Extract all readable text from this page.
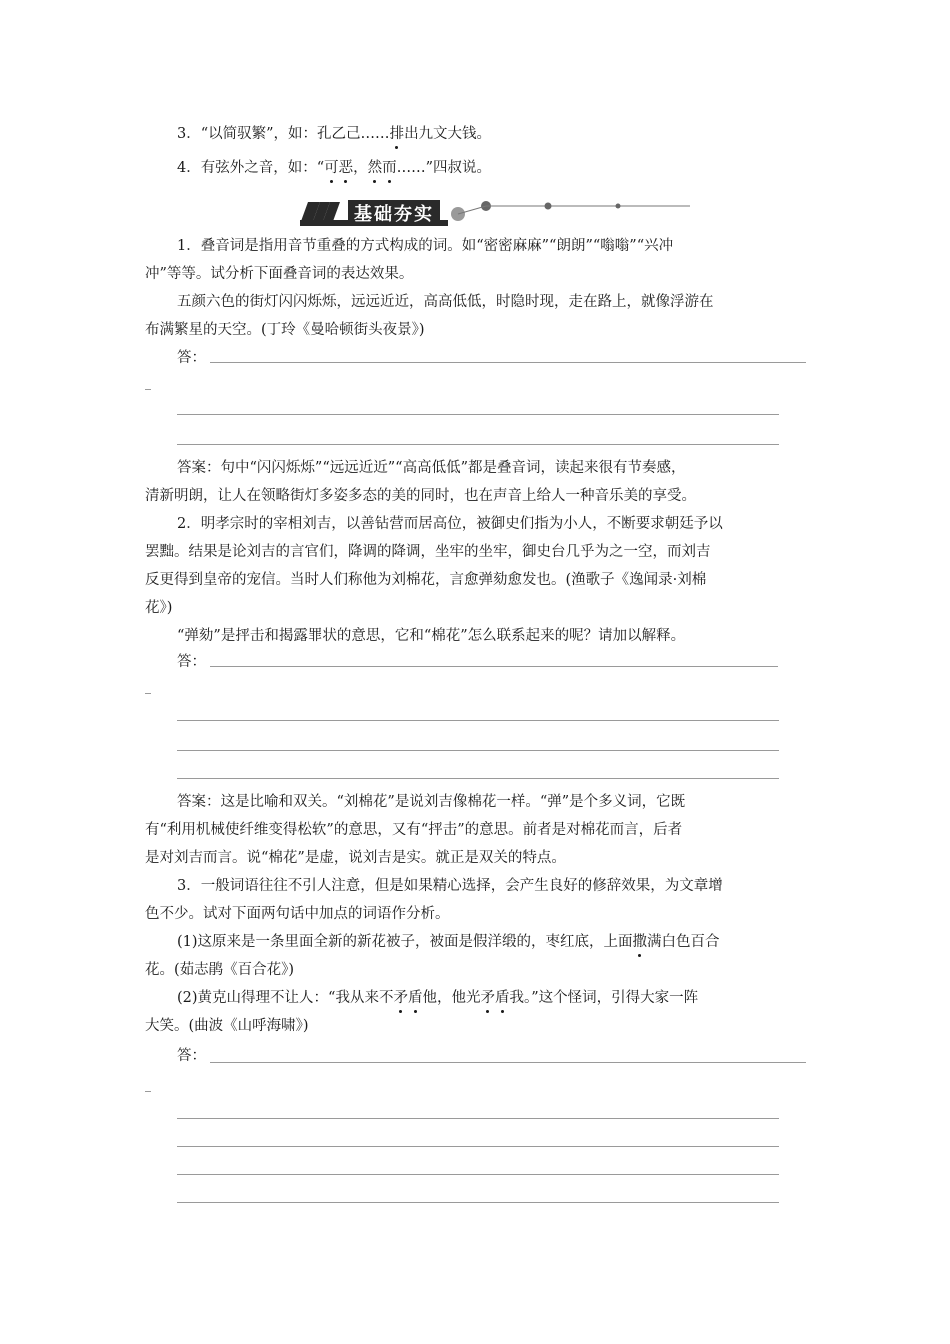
3．“以简驭繁”，如：孔乙己……排出九文大钱。
4．有弦外之音，如：“可恶，然而……”四叔说。
基础夯实
1．叠音词是指用音节重叠的方式构成的词。如“密密麻麻”“朗朗”“嗡嗡”“兴冲
冲”等等。试分析下面叠音词的表达效果。
五颜六色的街灯闪闪烁烁，远远近近，高高低低，时隐时现，走在路上，就像浮游在
布满繁星的天空。(丁玲《曼哈顿街头夜景》)
答：
答案：句中“闪闪烁烁”“远远近近”“高高低低”都是叠音词，读起来很有节奏感，
清新明朗，让人在领略街灯多姿多态的美的同时，也在声音上给人一种音乐美的享受。
2．明孝宗时的宰相刘吉，以善钻营而居高位，被御史们指为小人，不断要求朝廷予以
罢黜。结果是论刘吉的言官们，降调的降调，坐牢的坐牢，御史台几乎为之一空，而刘吉
反更得到皇帝的宠信。当时人们称他为刘棉花，言愈弹劾愈发也。(渔歌子《逸闻录·刘棉
花》)
“弹劾”是抨击和揭露罪状的意思，它和“棉花”怎么联系起来的呢？请加以解释。
答：
答案：这是比喻和双关。“刘棉花”是说刘吉像棉花一样。“弹”是个多义词，它既
有“利用机械使纤维变得松软”的意思，又有“抨击”的意思。前者是对棉花而言，后者
是对刘吉而言。说“棉花”是虚，说刘吉是实。就正是双关的特点。
3．一般词语往往不引人注意，但是如果精心选择，会产生良好的修辞效果，为文章增
色不少。试对下面两句话中加点的词语作分析。
(1)这原来是一条里面全新的新花被子，被面是假洋缎的，枣红底，上面撒满白色百合
花。(茹志鹃《百合花》)
(2)黄克山得理不让人：“我从来不矛盾他，他光矛盾我。”这个怪词，引得大家一阵
大笑。(曲波《山呼海啸》)
答：
